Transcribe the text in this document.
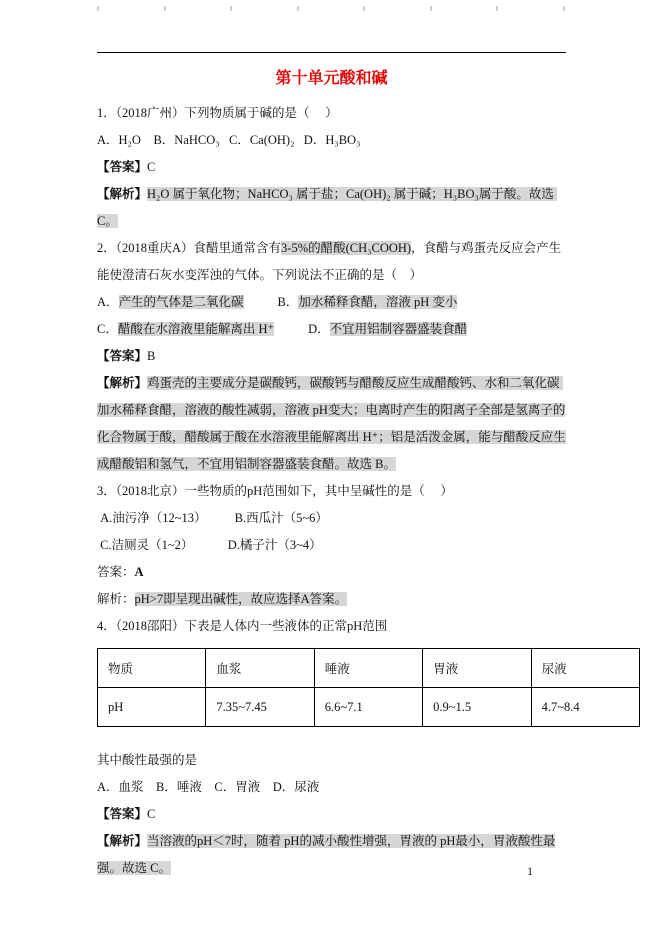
第十单元酸和碱

1．（2018广州）下列物质属于碱的是（     ）

A．H₂O    B．NaHCO₃   C．Ca(OH)₂   D．H₃BO₃

【答案】C

【解析】H₂O 属于氧化物；NaHCO₃ 属于盐；Ca(OH)₂ 属于碱；H₃BO₃属于酸。故选 C。

2．（2018重庆A）食醋里通常含有3-5%的醋酸(CH₃COOH)，食醋与鸡蛋壳反应会产生能使澄清石灰水变浑浊的气体。下列说法不正确的是（    ）

A．产生的气体是二氧化碳	B．加水稀释食醋，溶液 pH 变小

C．醋酸在水溶液里能解离出 H⁺	D．不宜用铝制容器盛装食醋

【答案】B

【解析】鸡蛋壳的主要成分是碳酸钙，碳酸钙与醋酸反应生成醋酸钙、水和二氧化碳 加水稀释食醋，溶液的酸性减弱，溶液 pH变大；电离时产生的阳离子全部是氢离子的化合物属于酸，醋酸属于酸在水溶液里能解离出 H⁺；铝是活泼金属，能与醋酸反应生成醋酸铝和氢气，不宜用铝制容器盛装食醋。故选 B。

3．（2018北京）一些物质的pH范围如下，其中呈碱性的是（     ）

A.油污净（12~13）         B.西瓜汁（5~6）

C.洁厕灵（1~2）           D.橘子汁（3~4）

答案：A

解析：pH>7即呈现出碱性，故应选择A答案。

4．（2018邵阳）下表是人体内一些液体的正常pH范围

物质	血浆	唾液	胃液	尿液
pH	7.35~7.45	6.6~7.1	0.9~1.5	4.7~8.4

其中酸性最强的是

A．血浆    B．唾液    C．胃液    D．尿液

【答案】C

【解析】当溶液的pH＜7时，随着 pH的减小酸性增强，胃液的 pH最小，胃液酸性最强。故选 C。	1
